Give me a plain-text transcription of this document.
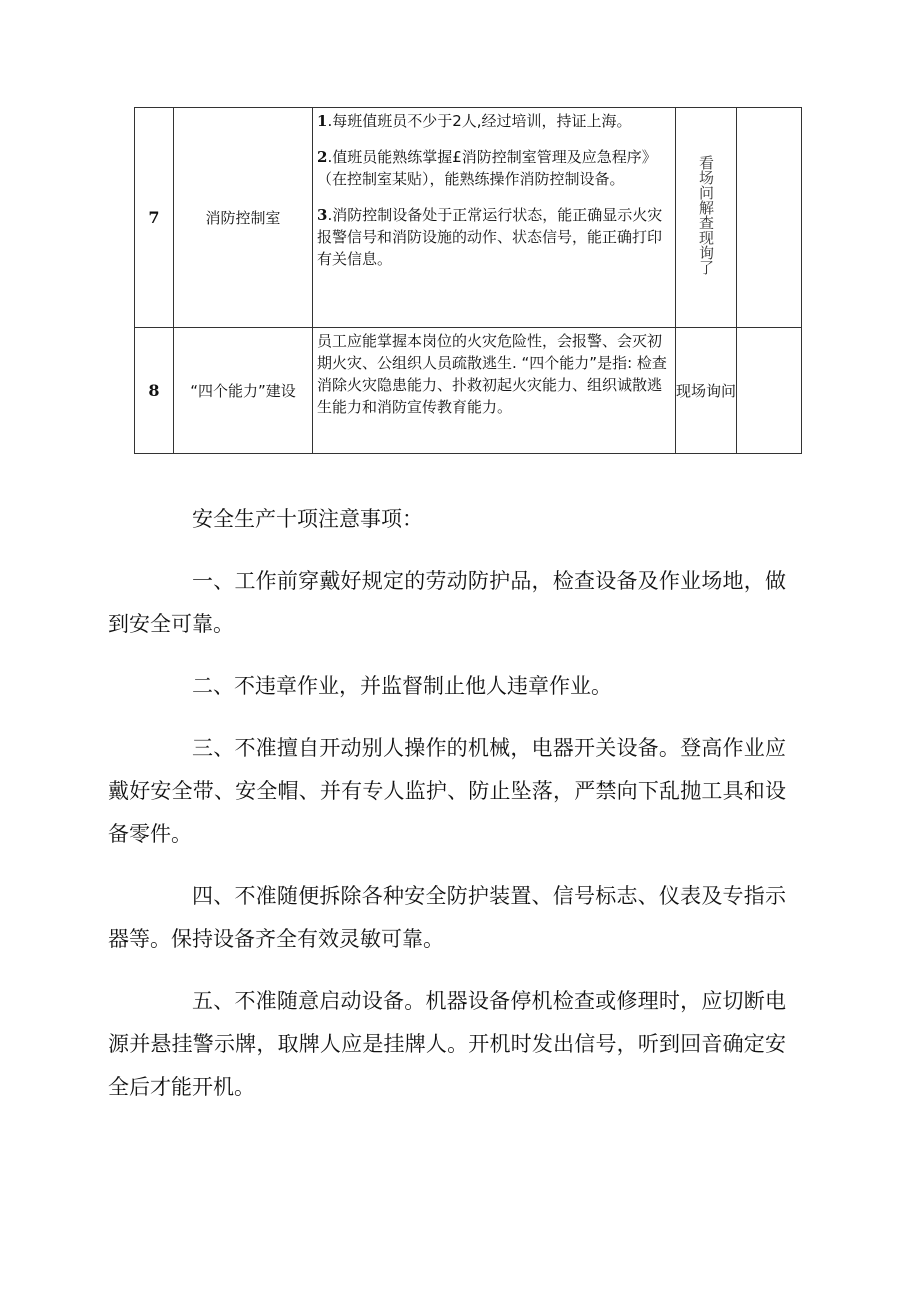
7	消防控制室	1.每班值班员不少于2人,经过培训，持证上海。

2.值班员能熟练掌握£消防控制室管理及应急程序》（在控制室某贴），能熟练操作消防控制设备。

3.消防控制设备处于正常运行状态，能正确显示火灾报警信号和消防设施的动作、状态信号，能正确打印有关信息。	看场问解查现询了	
8	“四个能力”建设	员工应能掌握本岗位的火灾危险性，会报警、会灭初期火灾、公组织人员疏散逃生. “四个能力”是指: 检查消除火灾隐患能力、扑救初起火灾能力、组织诚散逃生能力和消防宣传教育能力。	现场询问	

安全生产十项注意事项：

一、工作前穿戴好规定的劳动防护品，检查设备及作业场地，做到安全可靠。

二、不违章作业，并监督制止他人违章作业。

三、不准擅自开动别人操作的机械，电器开关设备。登高作业应戴好安全带、安全帽、并有专人监护、防止坠落，严禁向下乱抛工具和设备零件。

四、不准随便拆除各种安全防护装置、信号标志、仪表及专指示器等。保持设备齐全有效灵敏可靠。

五、不准随意启动设备。机器设备停机检查或修理时，应切断电源并悬挂警示牌，取牌人应是挂牌人。开机时发出信号，听到回音确定安全后才能开机。
